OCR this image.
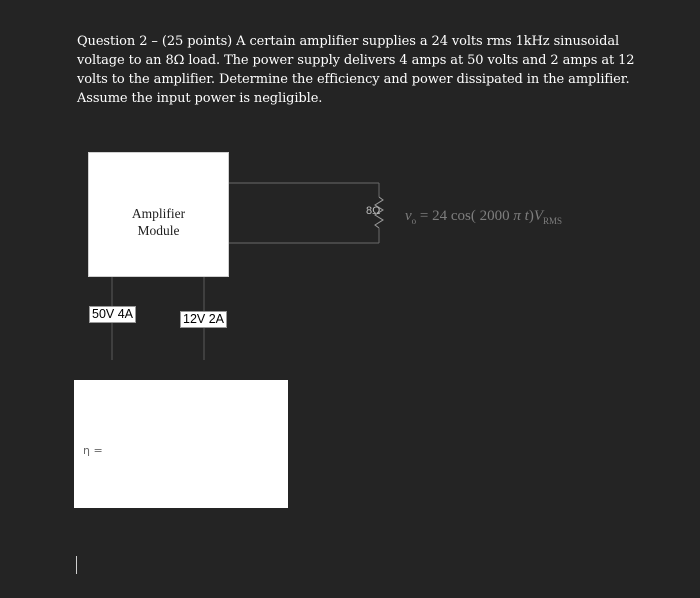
Question 2 – (25 points) A certain amplifier supplies a 24 volts rms 1kHz sinusoidal voltage to an 8Ω load. The power supply delivers 4 amps at 50 volts and 2 amps at 12 volts to the amplifier. Determine the efficiency and power dissipated in the amplifier. Assume the input power is negligible.
Amplifier
Module
50V 4A	12V 2A
8Ω $v_o = 24$ cos( 2000 π $t)V_{RMS}$
η =
